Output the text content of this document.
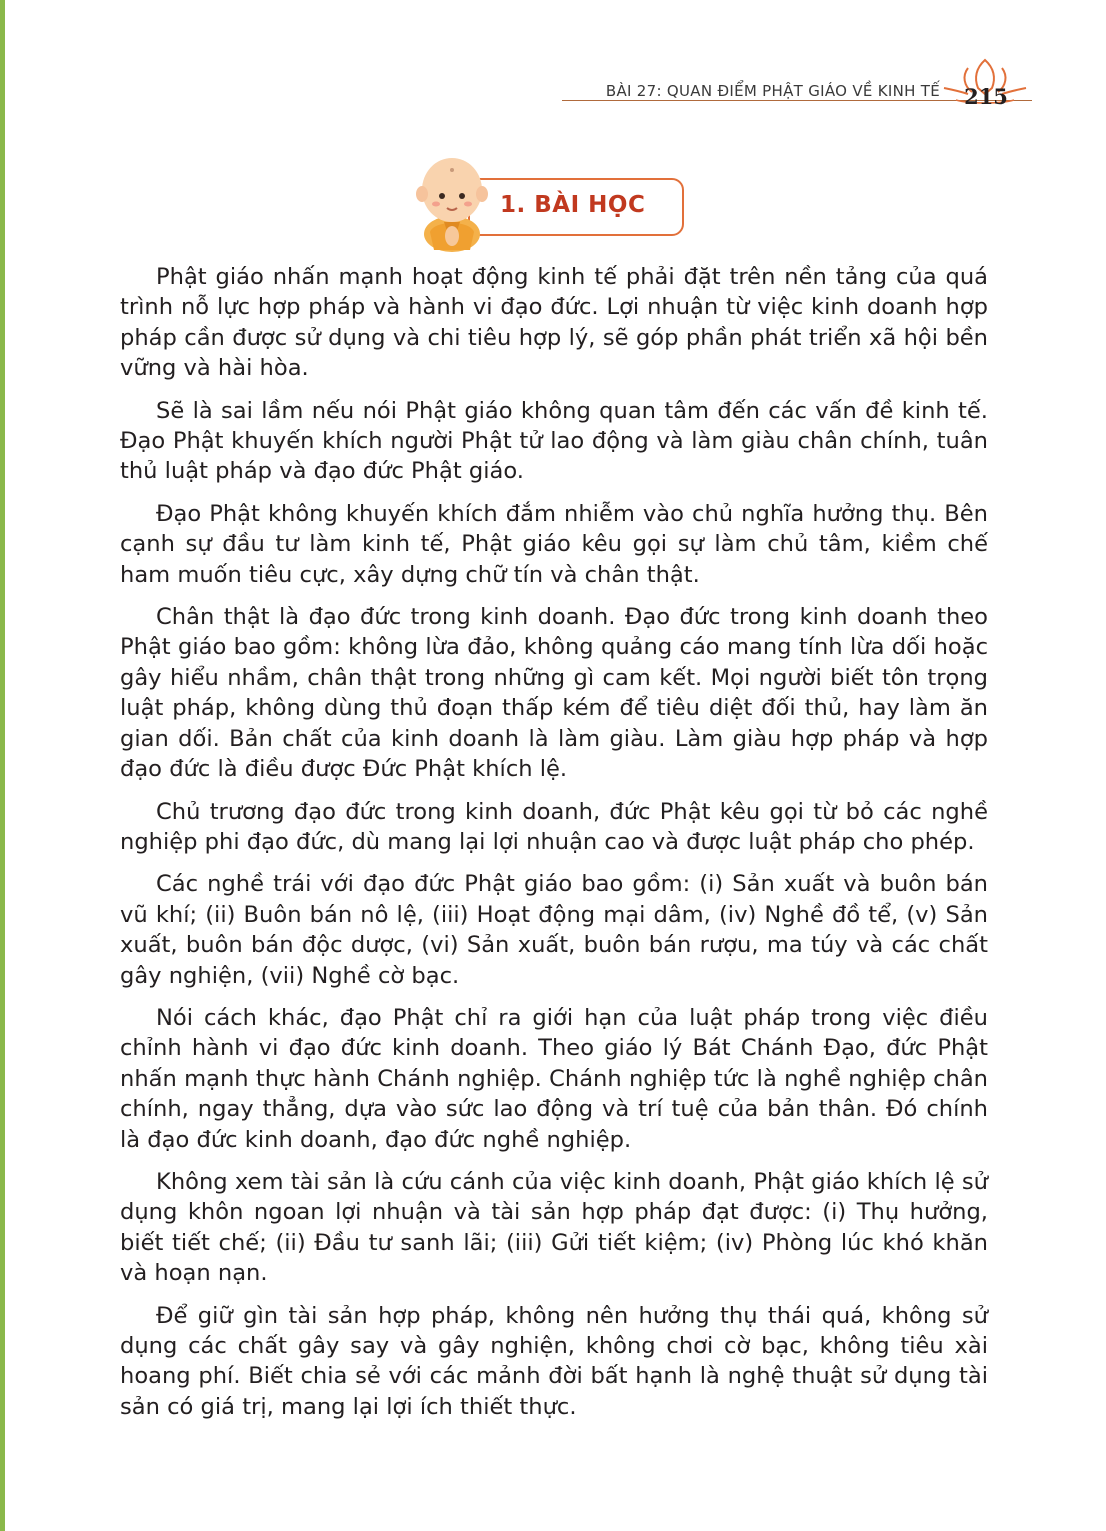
BÀI 27: QUAN ĐIỂM PHẬT GIÁO VỀ KINH TẾ	215
1. BÀI HỌC

Phật giáo nhấn mạnh hoạt động kinh tế phải đặt trên nền tảng của quá trình nỗ lực hợp pháp và hành vi đạo đức. Lợi nhuận từ việc kinh doanh hợp pháp cần được sử dụng và chi tiêu hợp lý, sẽ góp phần phát triển xã hội bền vững và hài hòa.

Sẽ là sai lầm nếu nói Phật giáo không quan tâm đến các vấn đề kinh tế. Đạo Phật khuyến khích người Phật tử lao động và làm giàu chân chính, tuân thủ luật pháp và đạo đức Phật giáo.

Đạo Phật không khuyến khích đắm nhiễm vào chủ nghĩa hưởng thụ. Bên cạnh sự đầu tư làm kinh tế, Phật giáo kêu gọi sự làm chủ tâm, kiềm chế ham muốn tiêu cực, xây dựng chữ tín và chân thật.

Chân thật là đạo đức trong kinh doanh. Đạo đức trong kinh doanh theo Phật giáo bao gồm: không lừa đảo, không quảng cáo mang tính lừa dối hoặc gây hiểu nhầm, chân thật trong những gì cam kết. Mọi người biết tôn trọng luật pháp, không dùng thủ đoạn thấp kém để tiêu diệt đối thủ, hay làm ăn gian dối. Bản chất của kinh doanh là làm giàu. Làm giàu hợp pháp và hợp đạo đức là điều được Đức Phật khích lệ.

Chủ trương đạo đức trong kinh doanh, đức Phật kêu gọi từ bỏ các nghề nghiệp phi đạo đức, dù mang lại lợi nhuận cao và được luật pháp cho phép.

Các nghề trái với đạo đức Phật giáo bao gồm: (i) Sản xuất và buôn bán vũ khí; (ii) Buôn bán nô lệ, (iii) Hoạt động mại dâm, (iv) Nghề đồ tể, (v) Sản xuất, buôn bán độc dược, (vi) Sản xuất, buôn bán rượu, ma túy và các chất gây nghiện, (vii) Nghề cờ bạc.

Nói cách khác, đạo Phật chỉ ra giới hạn của luật pháp trong việc điều chỉnh hành vi đạo đức kinh doanh. Theo giáo lý Bát Chánh Đạo, đức Phật nhấn mạnh thực hành Chánh nghiệp. Chánh nghiệp tức là nghề nghiệp chân chính, ngay thẳng, dựa vào sức lao động và trí tuệ của bản thân. Đó chính là đạo đức kinh doanh, đạo đức nghề nghiệp.

Không xem tài sản là cứu cánh của việc kinh doanh, Phật giáo khích lệ sử dụng khôn ngoan lợi nhuận và tài sản hợp pháp đạt được: (i) Thụ hưởng, biết tiết chế; (ii) Đầu tư sanh lãi; (iii) Gửi tiết kiệm; (iv) Phòng lúc khó khăn và hoạn nạn.

Để giữ gìn tài sản hợp pháp, không nên hưởng thụ thái quá, không sử dụng các chất gây say và gây nghiện, không chơi cờ bạc, không tiêu xài hoang phí. Biết chia sẻ với các mảnh đời bất hạnh là nghệ thuật sử dụng tài sản có giá trị, mang lại lợi ích thiết thực.
